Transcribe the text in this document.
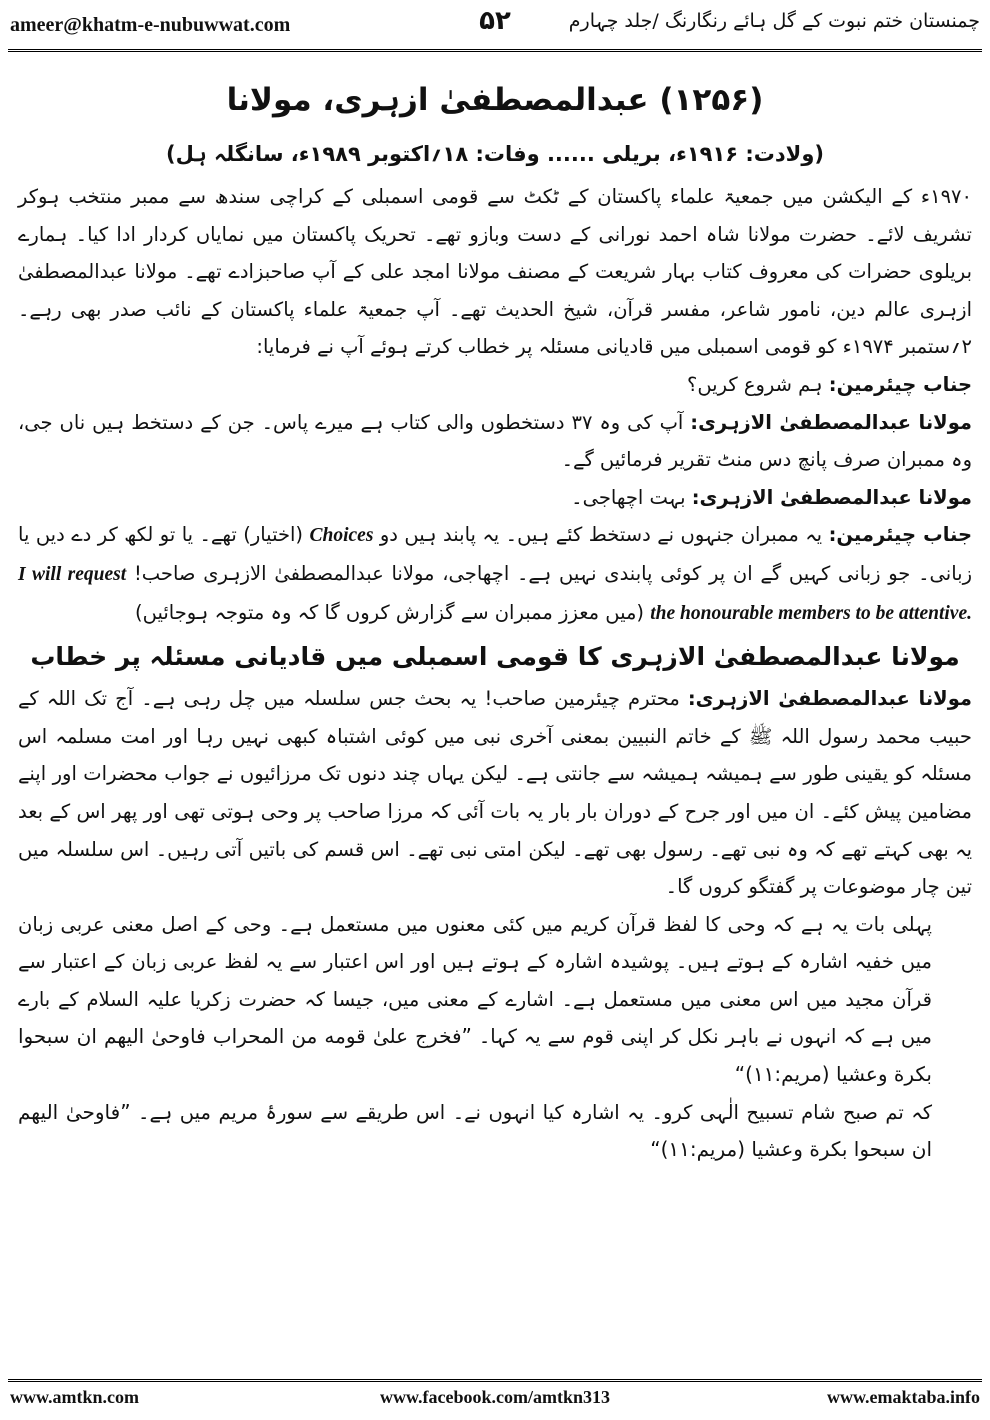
ameer@khatm-e-nubuwwat.com	۵۲	چمنستان ختم نبوت کے گل ہائے رنگارنگ /جلد چہارم
(۱۲۵۶) عبدالمصطفیٰ ازہری، مولانا
(ولادت: ۱۹۱۶ء، بریلی ...... وفات: ۱۸؍اکتوبر ۱۹۸۹ء، سانگلہ ہل)

۱۹۷۰ء کے الیکشن میں جمعیۃ علماء پاکستان کے ٹکٹ سے قومی اسمبلی کے کراچی سندھ سے ممبر منتخب ہوکر تشریف لائے۔ حضرت مولانا شاہ احمد نورانی کے دست وبازو تھے۔ تحریک پاکستان میں نمایاں کردار ادا کیا۔ ہمارے بریلوی حضرات کی معروف کتاب بہار شریعت کے مصنف مولانا امجد علی کے آپ صاحبزادے تھے۔ مولانا عبدالمصطفیٰ ازہری عالم دین، نامور شاعر، مفسر قرآن، شیخ الحدیث تھے۔ آپ جمعیۃ علماء پاکستان کے نائب صدر بھی رہے۔ ۲؍ستمبر ۱۹۷۴ء کو قومی اسمبلی میں قادیانی مسئلہ پر خطاب کرتے ہوئے آپ نے فرمایا:

جناب چیئرمین: ہم شروع کریں؟

مولانا عبدالمصطفیٰ الازہری: آپ کی وہ ۳۷ دستخطوں والی کتاب ہے میرے پاس۔ جن کے دستخط ہیں ناں جی، وہ ممبران صرف پانچ دس منٹ تقریر فرمائیں گے۔

مولانا عبدالمصطفیٰ الازہری: بہت اچھاجی۔

جناب چیئرمین: یہ ممبران جنہوں نے دستخط کئے ہیں۔ یہ پابند ہیں دو Choices (اختیار) تھے۔ یا تو لکھ کر دے دیں یا زبانی۔ جو زبانی کہیں گے ان پر کوئی پابندی نہیں ہے۔ اچھاجی، مولانا عبدالمصطفیٰ الازہری صاحب! I will request the honourable members to be attentive. (میں معزز ممبران سے گزارش کروں گا کہ وہ متوجہ ہوجائیں)

مولانا عبدالمصطفیٰ الازہری کا قومی اسمبلی میں قادیانی مسئلہ پر خطاب

مولانا عبدالمصطفیٰ الازہری: محترم چیئرمین صاحب! یہ بحث جس سلسلہ میں چل رہی ہے۔ آج تک اللہ کے حبیب محمد رسول اللہ ﷺ کے خاتم النبیین بمعنی آخری نبی میں کوئی اشتباہ کبھی نہیں رہا اور امت مسلمہ اس مسئلہ کو یقینی طور سے ہمیشہ ہمیشہ سے جانتی ہے۔ لیکن یہاں چند دنوں تک مرزائیوں نے جواب محضرات اور اپنے مضامین پیش کئے۔ ان میں اور جرح کے دوران بار بار یہ بات آئی کہ مرزا صاحب پر وحی ہوتی تھی اور پھر اس کے بعد یہ بھی کہتے تھے کہ وہ نبی تھے۔ رسول بھی تھے۔ لیکن امتی نبی تھے۔ اس قسم کی باتیں آتی رہیں۔ اس سلسلہ میں تین چار موضوعات پر گفتگو کروں گا۔

پہلی بات یہ ہے کہ وحی کا لفظ قرآن کریم میں کئی معنوں میں مستعمل ہے۔ وحی کے اصل معنی عربی زبان میں خفیہ اشارہ کے ہوتے ہیں۔ پوشیدہ اشارہ کے ہوتے ہیں اور اس اعتبار سے یہ لفظ عربی زبان کے اعتبار سے قرآن مجید میں اس معنی میں مستعمل ہے۔ اشارے کے معنی میں، جیسا کہ حضرت زکریا علیہ السلام کے بارے میں ہے کہ انہوں نے باہر نکل کر اپنی قوم سے یہ کہا۔ ”فخرج علیٰ قومه من المحراب فاوحیٰ الیهم ان سبحوا بکرة وعشیا (مریم:۱۱)“

کہ تم صبح شام تسبیح الٰہی کرو۔ یہ اشارہ کیا انہوں نے۔ اس طریقے سے سورۂ مریم میں ہے۔ ”فاوحیٰ الیهم ان سبحوا بکرة وعشیا (مریم:۱۱)“

www.amtkn.com	www.facebook.com/amtkn313	www.emaktaba.info
